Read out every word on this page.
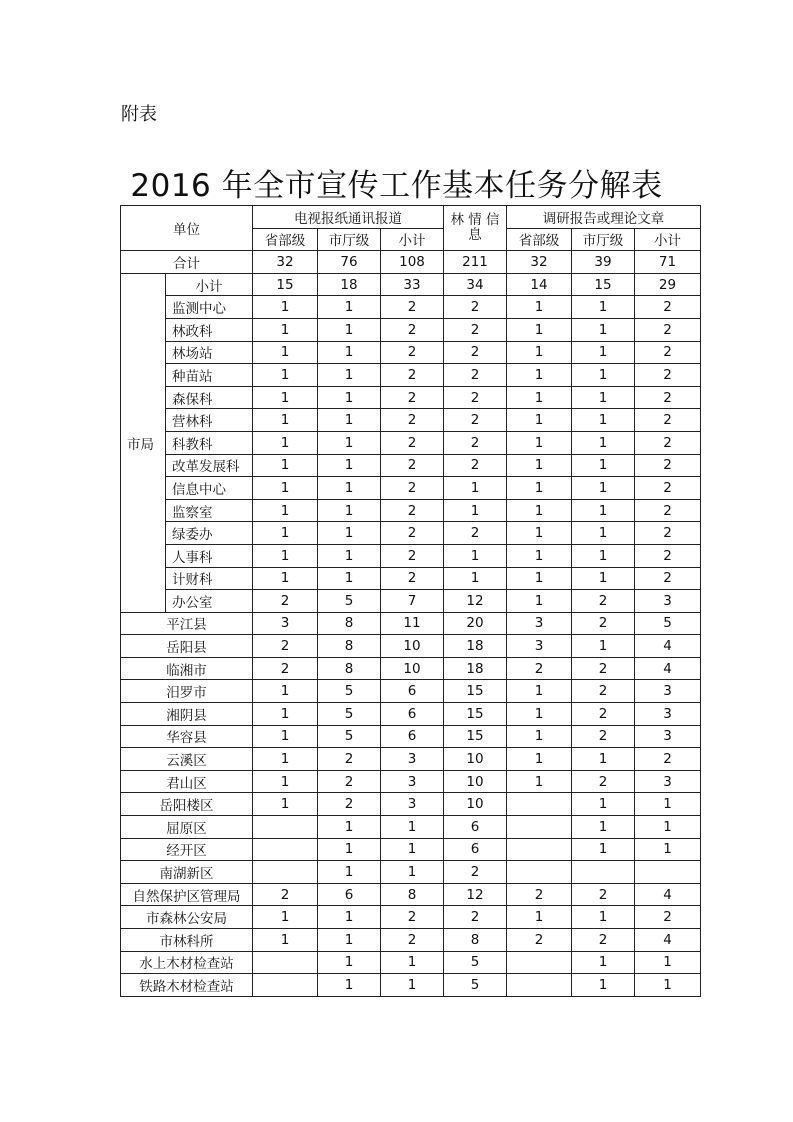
附表
2016 年全市宣传工作基本任务分解表
单位		电视报纸通讯报道			林 情 信 息	调研报告或理论文章		
		省部级	市厅级	小计		省部级	市厅级	小计
合计		32	76	108	211	32	39	71
市局	小计	15	18	33	34	14	15	29
	监测中心	1	1	2	2	1	1	2
	林政科	1	1	2	2	1	1	2
	林场站	1	1	2	2	1	1	2
	种苗站	1	1	2	2	1	1	2
	森保科	1	1	2	2	1	1	2
	营林科	1	1	2	2	1	1	2
	科教科	1	1	2	2	1	1	2
	改革发展科	1	1	2	2	1	1	2
	信息中心	1	1	2	1	1	1	2
	监察室	1	1	2	1	1	1	2
	绿委办	1	1	2	2	1	1	2
	人事科	1	1	2	1	1	1	2
	计财科	1	1	2	1	1	1	2
	办公室	2	5	7	12	1	2	3
平江县		3	8	11	20	3	2	5
岳阳县		2	8	10	18	3	1	4
临湘市		2	8	10	18	2	2	4
汨罗市		1	5	6	15	1	2	3
湘阴县		1	5	6	15	1	2	3
华容县		1	5	6	15	1	2	3
云溪区		1	2	3	10	1	1	2
君山区		1	2	3	10	1	2	3
岳阳楼区		1	2	3	10		1	1
屈原区			1	1	6		1	1
经开区			1	1	6		1	1
南湖新区			1	1	2			
自然保护区管理局		2	6	8	12	2	2	4
市森林公安局		1	1	2	2	1	1	2
市林科所		1	1	2	8	2	2	4
水上木材检查站			1	1	5		1	1
铁路木材检查站			1	1	5		1	1
